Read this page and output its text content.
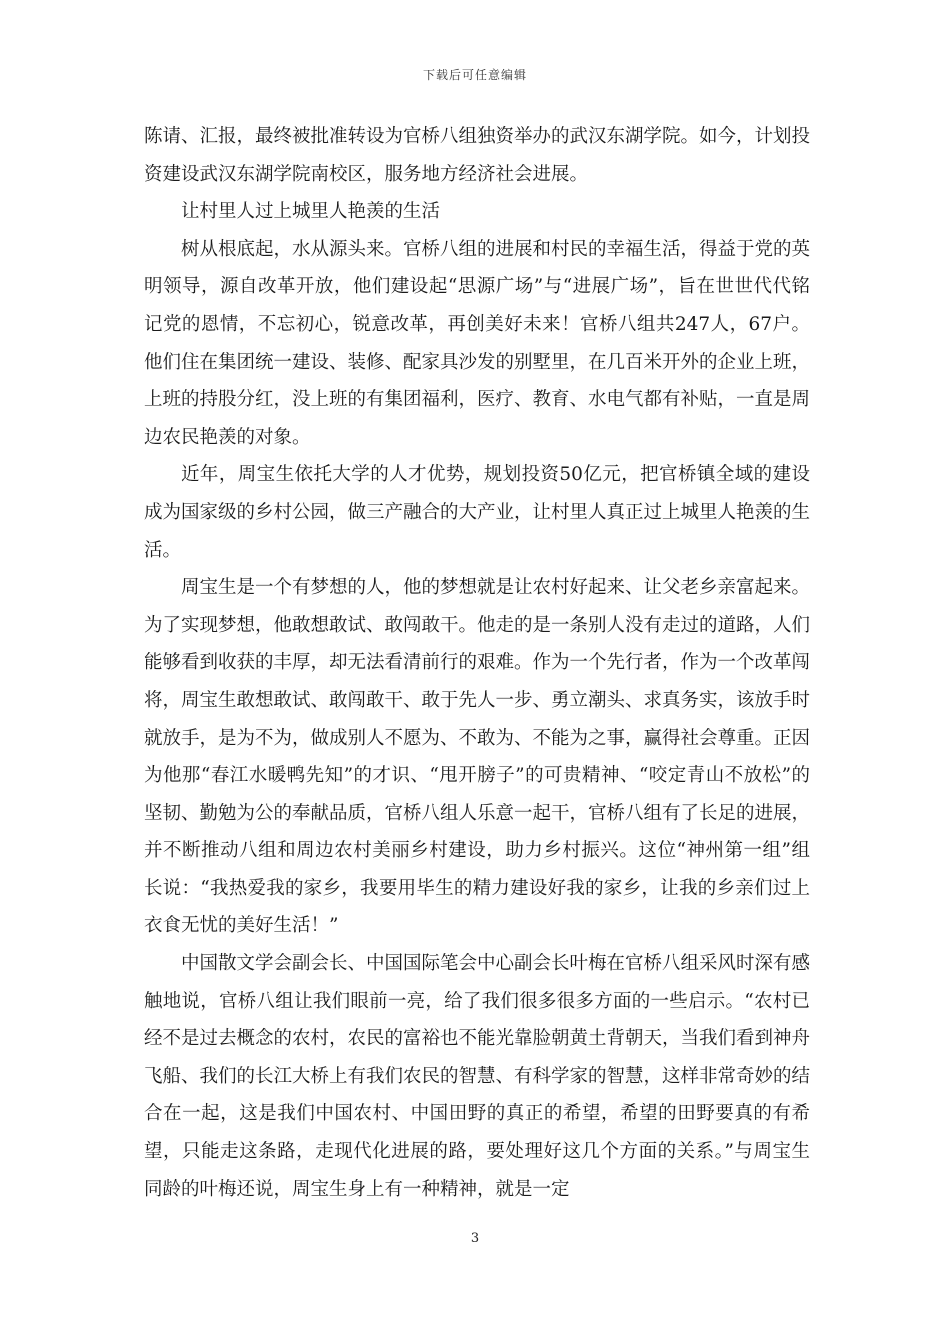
下载后可任意编辑

陈请、汇报，最终被批准转设为官桥八组独资举办的武汉东湖学院。如今，计划投资建设武汉东湖学院南校区，服务地方经济社会进展。

让村里人过上城里人艳羡的生活

树从根底起，水从源头来。官桥八组的进展和村民的幸福生活，得益于党的英明领导，源自改革开放，他们建设起“思源广场”与“进展广场”，旨在世世代代铭记党的恩情，不忘初心，锐意改革，再创美好未来！官桥八组共247人，67户。他们住在集团统一建设、装修、配家具沙发的别墅里，在几百米开外的企业上班，上班的持股分红，没上班的有集团福利，医疗、教育、水电气都有补贴，一直是周边农民艳羡的对象。

近年，周宝生依托大学的人才优势，规划投资50亿元，把官桥镇全域的建设成为国家级的乡村公园，做三产融合的大产业，让村里人真正过上城里人艳羡的生活。

周宝生是一个有梦想的人，他的梦想就是让农村好起来、让父老乡亲富起来。为了实现梦想，他敢想敢试、敢闯敢干。他走的是一条别人没有走过的道路，人们能够看到收获的丰厚，却无法看清前行的艰难。作为一个先行者，作为一个改革闯将，周宝生敢想敢试、敢闯敢干、敢于先人一步、勇立潮头、求真务实，该放手时就放手，是为不为，做成别人不愿为、不敢为、不能为之事，赢得社会尊重。正因为他那“春江水暖鸭先知”的才识、“甩开膀子”的可贵精神、“咬定青山不放松”的坚韧、勤勉为公的奉献品质，官桥八组人乐意一起干，官桥八组有了长足的进展，并不断推动八组和周边农村美丽乡村建设，助力乡村振兴。这位“神州第一组”组长说：“我热爱我的家乡，我要用毕生的精力建设好我的家乡，让我的乡亲们过上衣食无忧的美好生活！”

中国散文学会副会长、中国国际笔会中心副会长叶梅在官桥八组采风时深有感触地说，官桥八组让我们眼前一亮，给了我们很多很多方面的一些启示。“农村已经不是过去概念的农村，农民的富裕也不能光靠脸朝黄土背朝天，当我们看到神舟飞船、我们的长江大桥上有我们农民的智慧、有科学家的智慧，这样非常奇妙的结合在一起，这是我们中国农村、中国田野的真正的希望，希望的田野要真的有希望，只能走这条路，走现代化进展的路，要处理好这几个方面的关系。”与周宝生同龄的叶梅还说，周宝生身上有一种精神，就是一定

3
